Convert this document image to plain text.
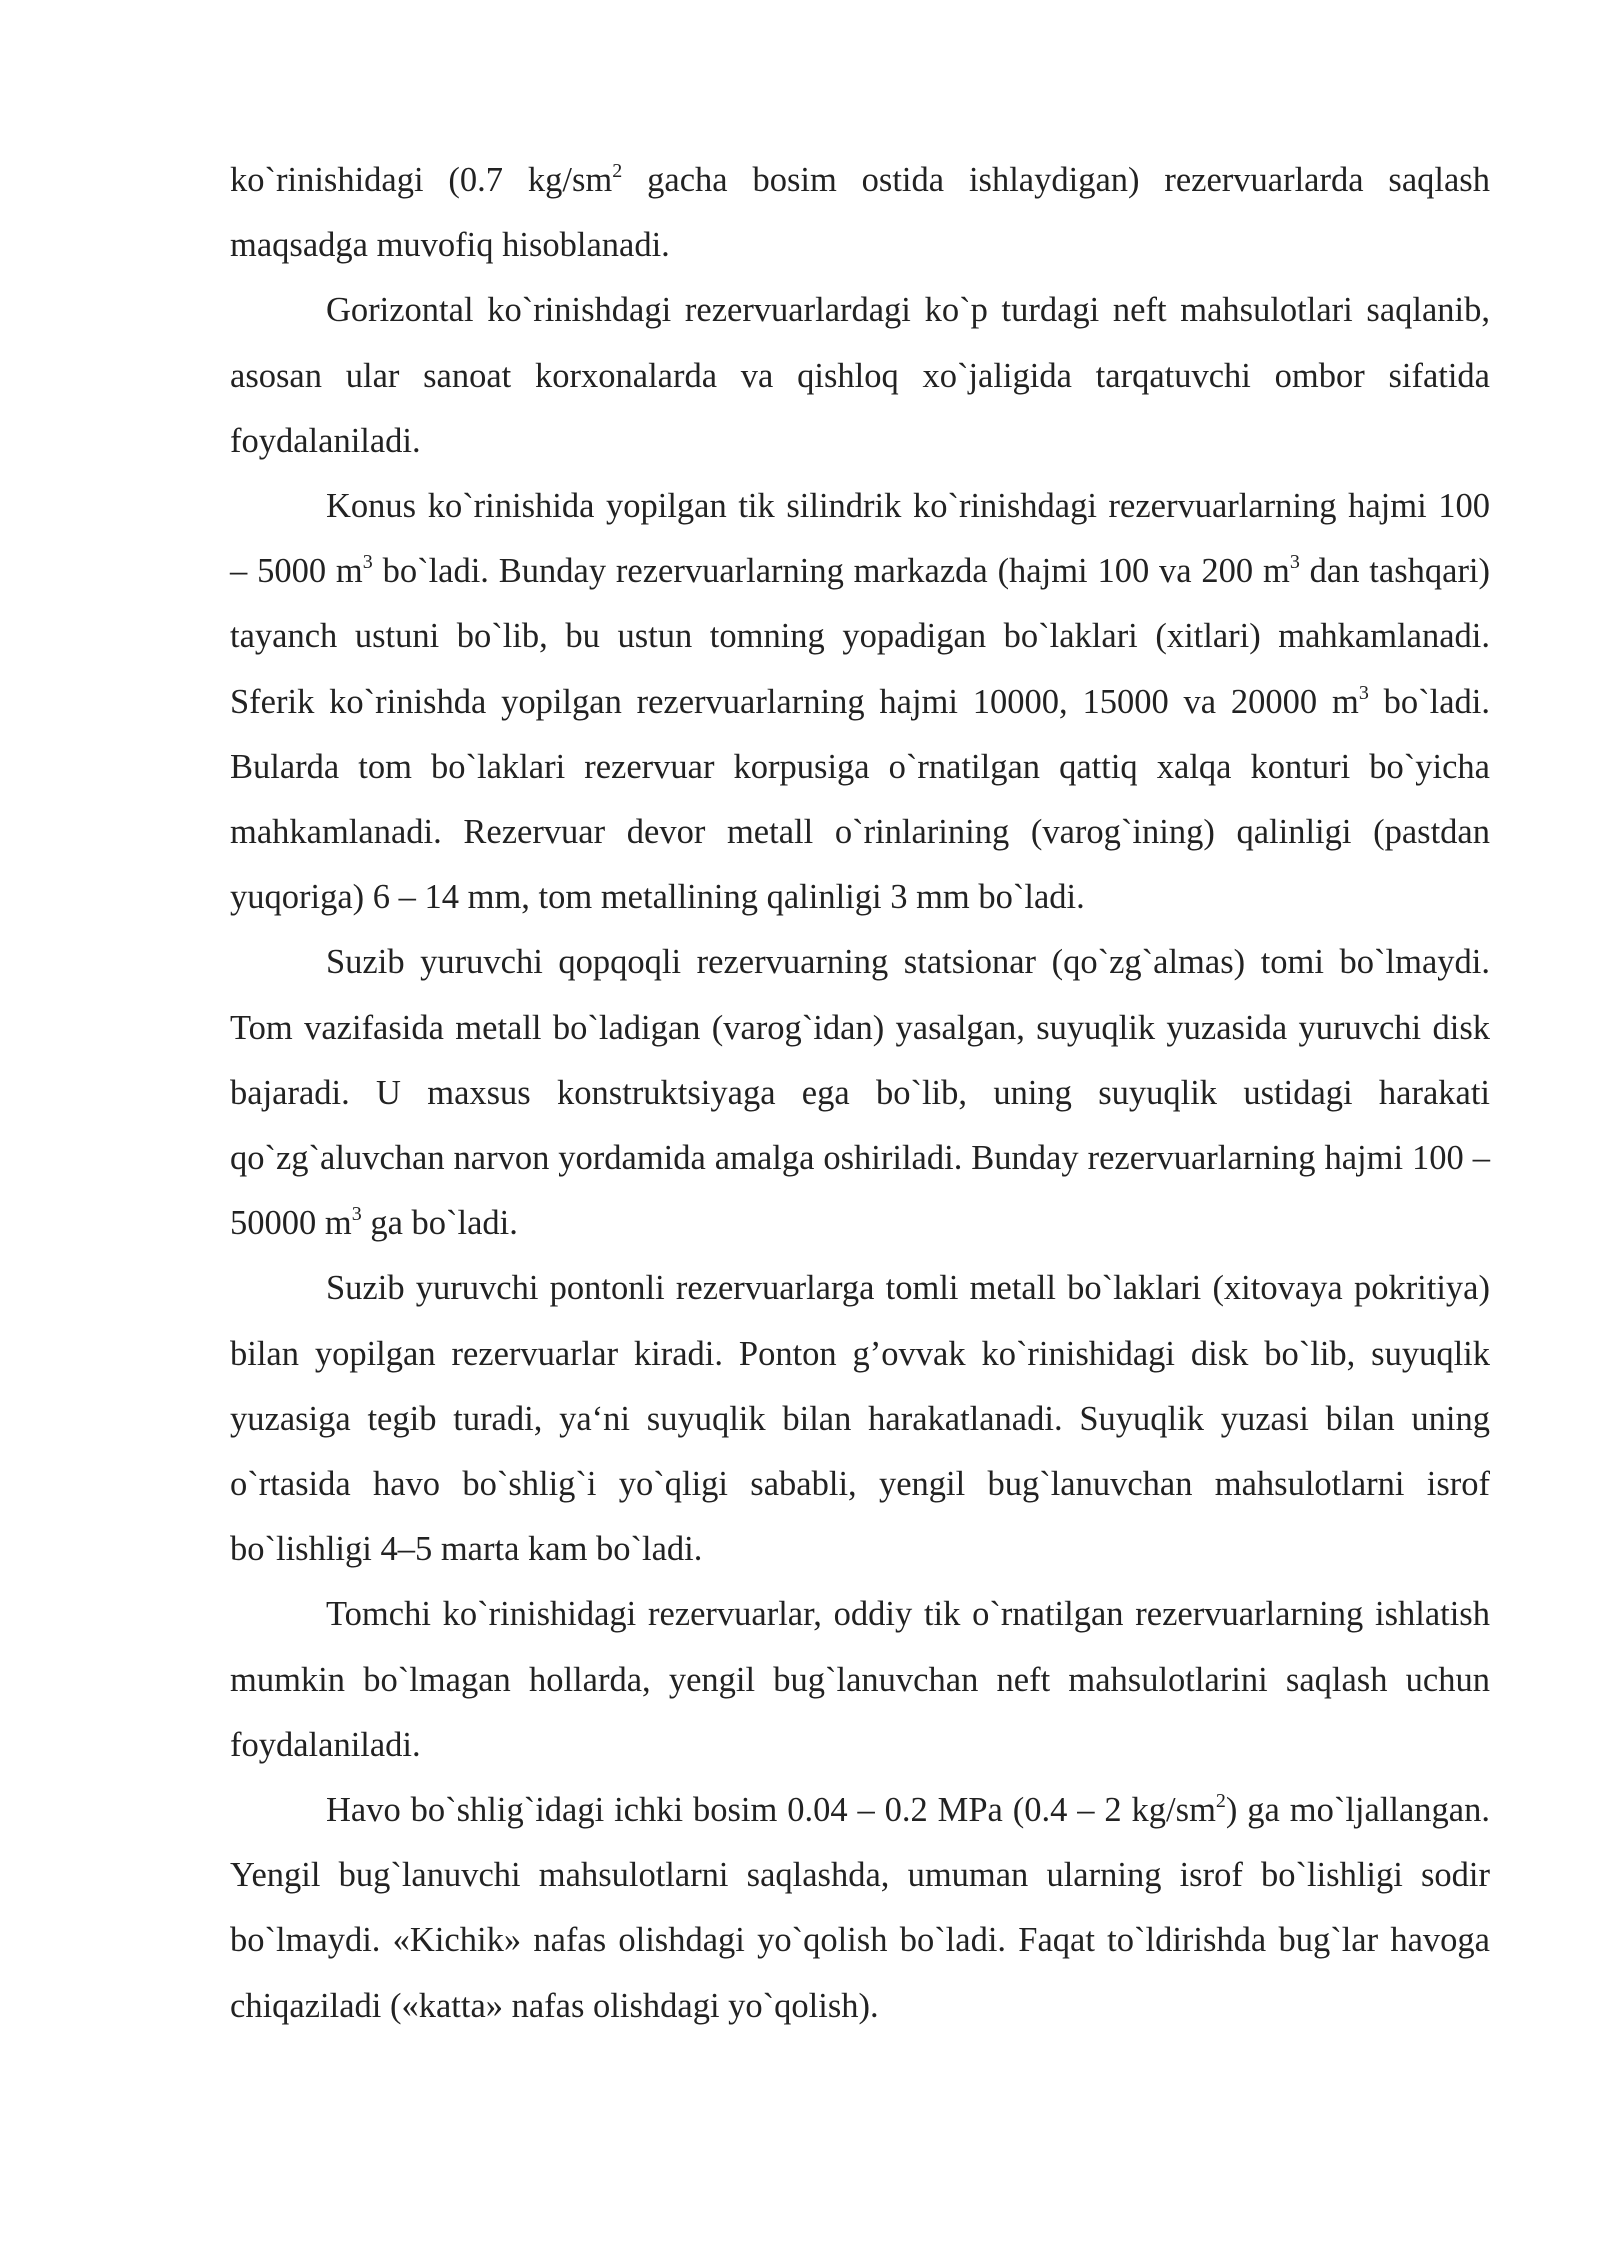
ko`rinishidagi (0.7 $kg/sm^2$ gacha bosim ostida ishlaydigan) rezervuarlarda saqlash maqsadga muvofiq hisoblanadi.

Gorizontal ko`rinishdagi rezervuarlardagi ko`p turdagi neft mahsulotlari saqlanib, asosan ular sanoat korxonalarda va qishloq xo`jaligida tarqatuvchi ombor sifatida foydalaniladi.

Konus ko`rinishida yopilgan tik silindrik ko`rinishdagi rezervuarlarning hajmi 100 – 5000 $m^3$ bo`ladi. Bunday rezervuarlarning markazda (hajmi 100 va 200 $m^3$ dan tashqari) tayanch ustuni bo`lib, bu ustun tomning yopadigan bo`laklari (xitlari) mahkamlanadi. Sferik ko`rinishda yopilgan rezervuarlarning hajmi 10000, 15000 va 20000 $m^3$ bo`ladi. Bularda tom bo`laklari rezervuar korpusiga o`rnatilgan qattiq xalqa konturi bo`yicha mahkamlanadi. Rezervuar devor metall o`rinlarining (varog`ining) qalinligi (pastdan yuqoriga) 6 – 14 mm, tom metallining qalinligi 3 mm bo`ladi.

Suzib yuruvchi qopqoqli rezervuarning statsionar (qo`zg`almas) tomi bo`lmaydi. Tom vazifasida metall bo`ladigan (varog`idan) yasalgan, suyuqlik yuzasida yuruvchi disk bajaradi. U maxsus konstruktsiyaga ega bo`lib, uning suyuqlik ustidagi harakati qo`zg`aluvchan narvon yordamida amalga oshiriladi. Bunday rezervuarlarning hajmi 100 – 50000 $m^3$ ga bo`ladi.

Suzib yuruvchi pontonli rezervuarlarga tomli metall bo`laklari (xitovaya pokritiya) bilan yopilgan rezervuarlar kiradi. Ponton g’ovvak ko`rinishidagi disk bo`lib, suyuqlik yuzasiga tegib turadi, ya‘ni suyuqlik bilan harakatlanadi. Suyuqlik yuzasi bilan uning o`rtasida havo bo`shlig`i yo`qligi sababli, yengil bug`lanuvchan mahsulotlarni isrof bo`lishligi 4–5 marta kam bo`ladi.

Tomchi ko`rinishidagi rezervuarlar, oddiy tik o`rnatilgan rezervuarlarning ishlatish mumkin bo`lmagan hollarda, yengil bug`lanuvchan neft mahsulotlarini saqlash uchun foydalaniladi.

Havo bo`shlig`idagi ichki bosim 0.04 – 0.2 MPa (0.4 – 2 $kg/sm^2$) ga mo`ljallangan. Yengil bug`lanuvchi mahsulotlarni saqlashda, umuman ularning isrof bo`lishligi sodir bo`lmaydi. «Kichik» nafas olishdagi yo`qolish bo`ladi. Faqat to`ldirishda bug`lar havoga chiqaziladi («katta» nafas olishdagi yo`qolish).
